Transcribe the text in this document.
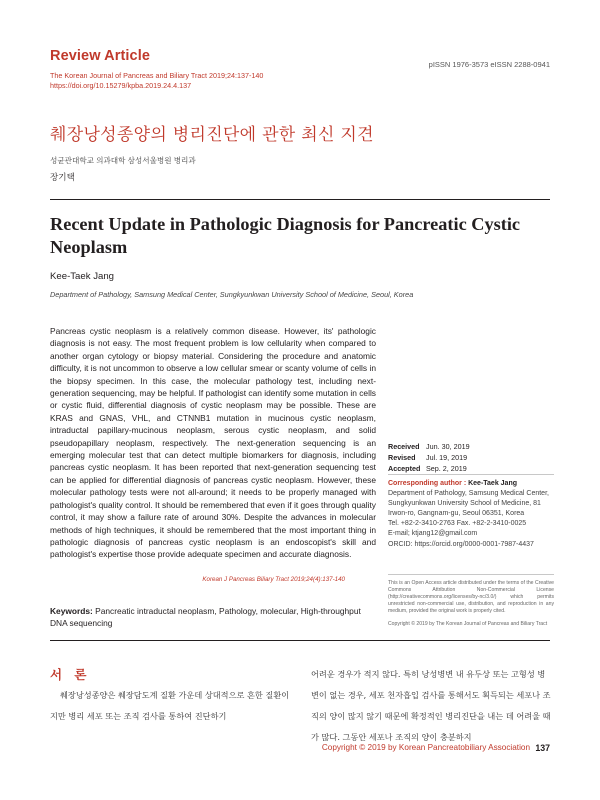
Review Article
pISSN 1976-3573 eISSN 2288-0941
The Korean Journal of Pancreas and Biliary Tract 2019;24:137-140
https://doi.org/10.15279/kpba.2019.24.4.137
췌장낭성종양의 병리진단에 관한 최신 지견
성균관대학교 의과대학 삼성서울병원 병리과
장기택
Recent Update in Pathologic Diagnosis for Pancreatic Cystic Neoplasm
Kee-Taek Jang
Department of Pathology, Samsung Medical Center, Sungkyunkwan University School of Medicine, Seoul, Korea
Pancreas cystic neoplasm is a relatively common disease. However, its' pathologic diagnosis is not easy. The most frequent problem is low cellularity when compared to another organ cytology or biopsy material. Considering the procedure and anatomic difficulty, it is not uncommon to observe a low cellular smear or scanty volume of cells in the biopsy specimen. In this case, the molecular pathology test, including next-generation sequencing, may be helpful. If pathologist can identify some mutation in cells or cystic fluid, differential diagnosis of cystic neoplasm may be possible. These are KRAS and GNAS, VHL, and CTNNB1 mutation in mucinous cystic neoplasm, intraductal papillary-mucinous neoplasm, serous cystic neoplasm, and solid pseudopapillary neoplasm, respectively. The next-generation sequencing is an emerging molecular test that can detect multiple biomarkers for diagnosis, including pancreas cystic neoplasm. It has been reported that next-generation sequencing test can be applied for differential diagnosis of pancreas cystic neoplasm. However, these molecular pathology tests were not all-around; it needs to be properly managed with pathologist's quality control. It should be remembered that even if it goes through quality control, it may show a failure rate of around 30%. Despite the advances in molecular methods of high techniques, it should be remembered that the most important thing in pathologic diagnosis of pancreas cystic neoplasm is an endoscopist's skill and pathologist's expertise those provide adequate specimen and accurate diagnosis.
Korean J Pancreas Biliary Tract 2019;24(4):137-140
Keywords: Pancreatic intraductal neoplasm, Pathology, molecular, High-throughput DNA sequencing
Received Jun. 30, 2019
Revised Jul. 19, 2019
Accepted Sep. 2, 2019
Corresponding author : Kee-Taek Jang
Department of Pathology, Samsung Medical Center,
Sungkyunkwan University School of Medicine, 81
Irwon-ro, Gangnam-gu, Seoul 06351, Korea
Tel. +82-2-3410-2763 Fax. +82-2-3410-0025
E-mail; ktjang12@gmail.com
ORCID: https://orcid.org/0000-0001-7987-4437
This is an Open Access article distributed under the terms of the Creative Commons Attribution Non-Commercial License (http://creativecommons.org/licenses/by-nc/3.0/) which permits unrestricted non-commercial use, distribution, and reproduction in any medium, provided the original work is properly cited.
Copyright © 2019 by The Korean Journal of Pancreas and Biliary Tract
서 론
췌장낭성종양은 췌장담도계 질환 가운데 상대적으로 흔한 질환이지만 병리 세포 또는 조직 검사를 통하여 진단하기
어려운 경우가 적지 않다. 특히 낭성병변 내 유두상 또는 고형성 병변이 없는 경우, 세포 천자흡입 검사를 통해서도 획득되는 세포나 조직의 양이 많지 않기 때문에 확정적인 병리진단을 내는 데 어려울 때가 많다. 그동안 세포나 조직의 양이 충분하지
Copyright © 2019 by Korean Pancreatobiliary Association 137
